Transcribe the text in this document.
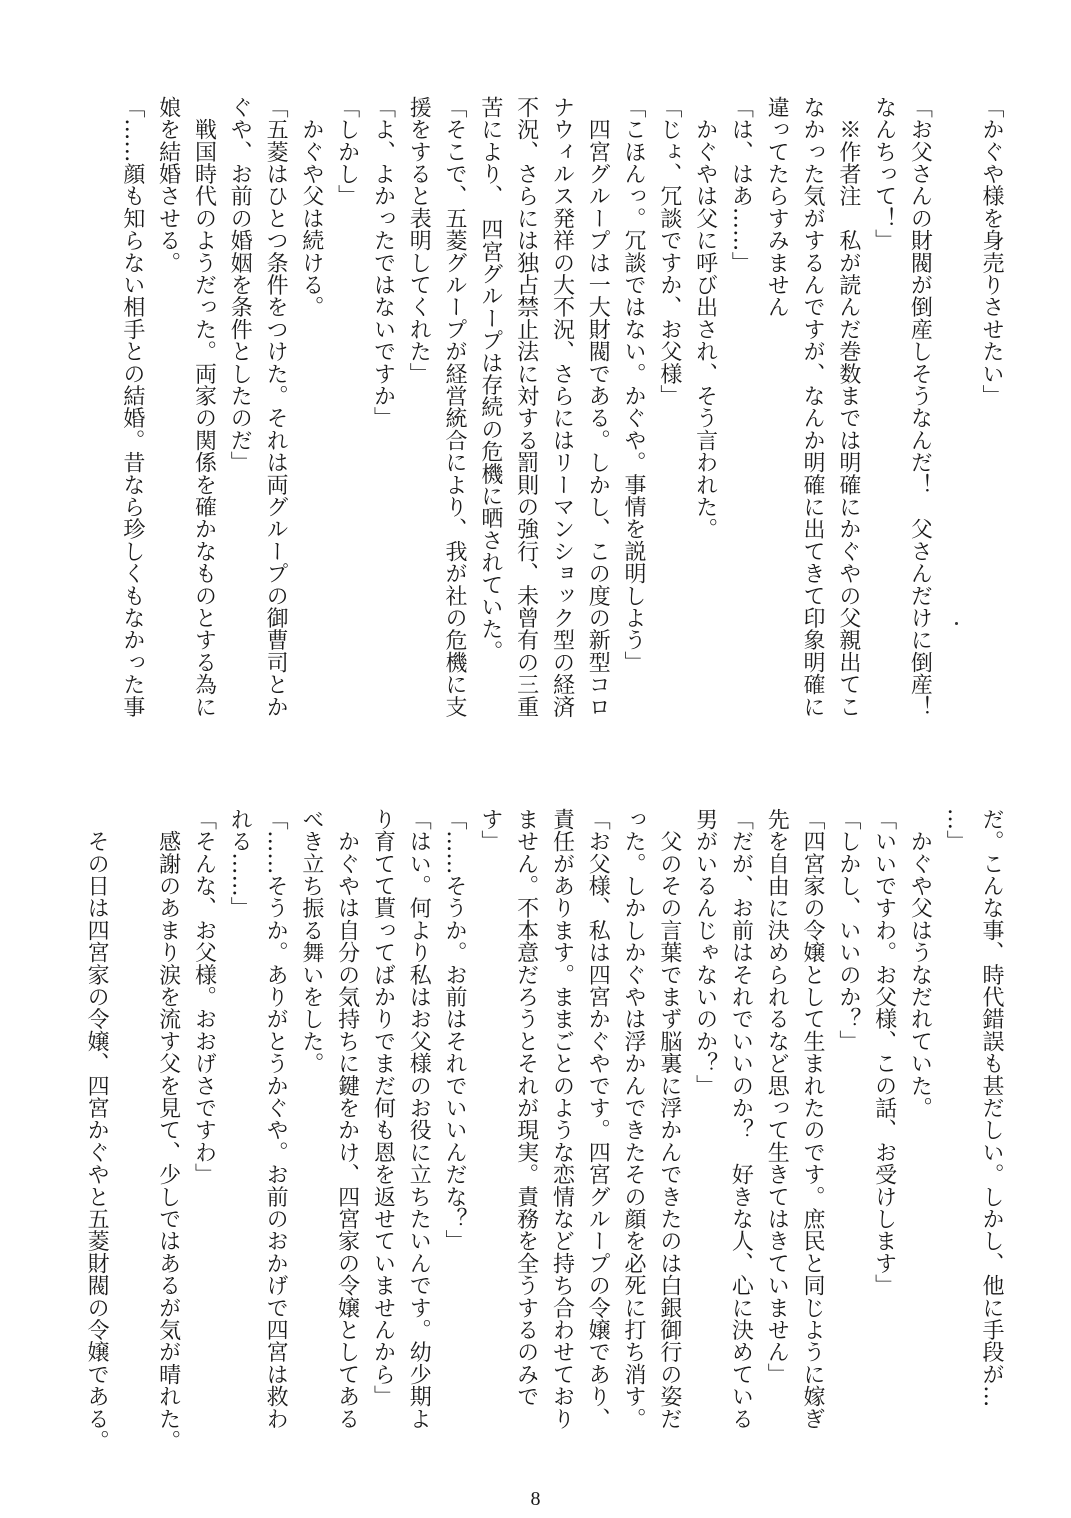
「かぐや様を身売りさせたい」
「お父さんの財閥が倒産しそうなんだ！　父さんだけに倒産！
なんちって！」
　※作者注　私が読んだ巻数までは明確にかぐやの父親出てこ
なかった気がするんですが、なんか明確に出てきて印象明確に
違ってたらすみません
「は、はあ……」
　かぐやは父に呼び出され、そう言われた。
「じょ、冗談ですか、お父様」
「こほんっ。冗談ではない。かぐや。事情を説明しよう」
　四宮グループは一大財閥である。しかし、この度の新型コロ
ナウィルス発祥の大不況、さらにはリーマンショック型の経済
不況、さらには独占禁止法に対する罰則の強行、未曾有の三重
苦により、　四宮グループは存続の危機に晒されていた。
「そこで、五菱グループが経営統合により、我が社の危機に支
援をすると表明してくれた」
「よ、よかったではないですか」
「しかし」
　かぐや父は続ける。
「五菱はひとつ条件をつけた。それは両グループの御曹司とか
ぐや、お前の婚姻を条件としたのだ」
　戦国時代のようだった。両家の関係を確かなものとする為に
娘を結婚させる。
「……顔も知らない相手との結婚。昔なら珍しくもなかった事
だ。こんな事、時代錯誤も甚だしい。しかし、他に手段が…
…」
　かぐや父はうなだれていた。
「いいですわ。お父様、この話、お受けします」
「しかし、いいのか？」
「四宮家の令嬢として生まれたのです。庶民と同じように嫁ぎ
先を自由に決められるなど思って生きてはきていません」
「だが、お前はそれでいいのか？　好きな人、心に決めている
男がいるんじゃないのか？」
　父のその言葉でまず脳裏に浮かんできたのは白銀御行の姿だ
った。しかしかぐやは浮かんできたその顔を必死に打ち消す。
「お父様、私は四宮かぐやです。四宮グループの令嬢であり、
責任があります。ままごとのような恋情など持ち合わせており
ません。不本意だろうとそれが現実。責務を全うするのみで
す」
「……そうか。お前はそれでいいんだな？」
「はい。何より私はお父様のお役に立ちたいんです。幼少期よ
り育てて貰ってばかりでまだ何も恩を返せていませんから」
　かぐやは自分の気持ちに鍵をかけ、四宮家の令嬢としてある
べき立ち振る舞いをした。
「……そうか。ありがとうかぐや。お前のおかげで四宮は救わ
れる……」
「そんな、お父様。おおげさですわ」
　感謝のあまり涙を流す父を見て、少しではあるが気が晴れた。
　その日は四宮家の令嬢、四宮かぐやと五菱財閥の令嬢である。
8
